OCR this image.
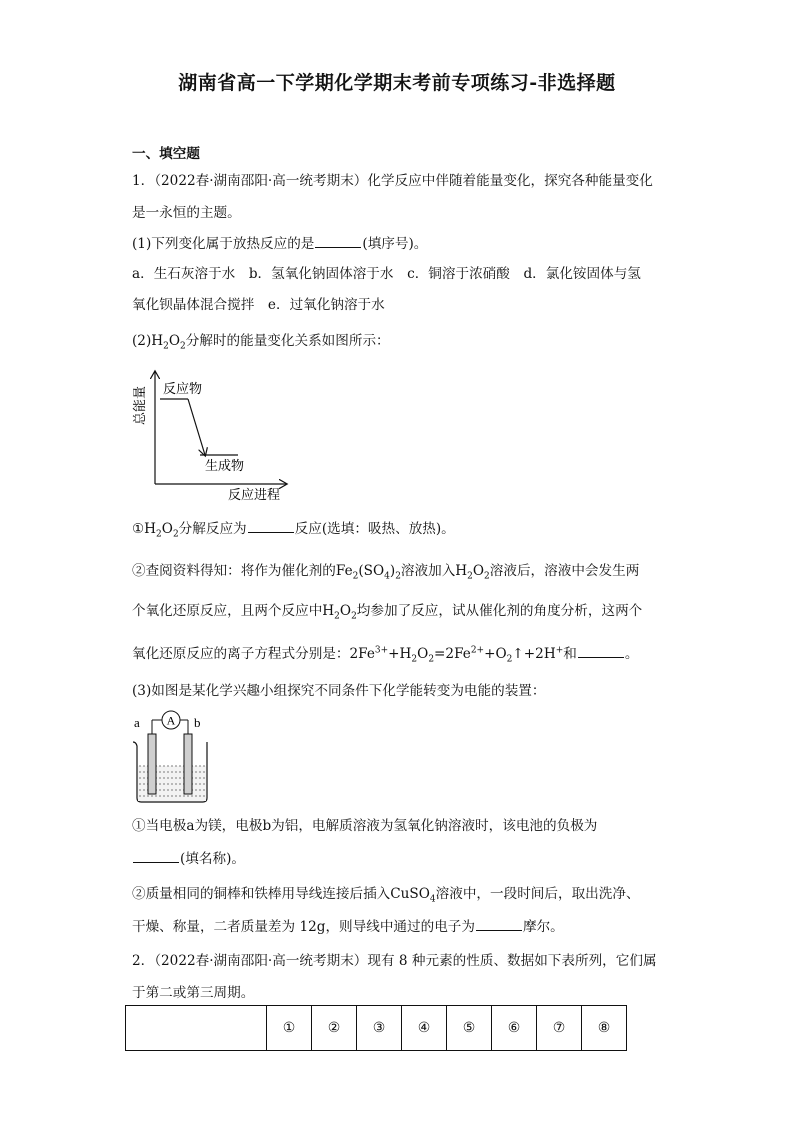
湖南省高一下学期化学期末考前专项练习-非选择题
一、填空题
1．（2022春·湖南邵阳·高一统考期末）化学反应中伴随着能量变化，探究各种能量变化
是一永恒的主题。
(1)下列变化属于放热反应的是	(填序号)。
a．生石灰溶于水　b．氢氧化钠固体溶于水　c．铜溶于浓硝酸　d．氯化铵固体与氢
氧化钡晶体混合搅拌　e．过氧化钠溶于水
$(2)H_2O_2$分解时的能量变化关系如图所示：
总能量 反应物
生成物
反应进程
$①H_2O_2$分解反应为	反应(选填：吸热、放热)。
②查阅资料得知：将作为催化剂的$Fe_2(SO_4)_2$溶液加入$H_2O_2$溶液后，溶液中会发生两
个氧化还原反应，且两个反应中$H_2O_2$均参加了反应，试从催化剂的角度分析，这两个
氧化还原反应的离子方程式分别是：$2Fe^{3+}+H_2O_2=2Fe^{2+}+O_2↑+2H^+$和	。
(3)如图是某化学兴趣小组探究不同条件下化学能转变为电能的装置：
a	b
A
①当电极a为镁，电极b为铝，电解质溶液为氢氧化钠溶液时，该电池的负极为
(填名称)。
②质量相同的铜棒和铁棒用导线连接后插入CuSO$_4$溶液中，一段时间后，取出洗净、
干燥、称量，二者质量差为 12g，则导线中通过的电子为	摩尔。
2．（2022春·湖南邵阳·高一统考期末）现有 8 种元素的性质、数据如下表所列，它们属
于第二或第三周期。
	①	②	③	④	⑤	⑥	⑦	⑧
